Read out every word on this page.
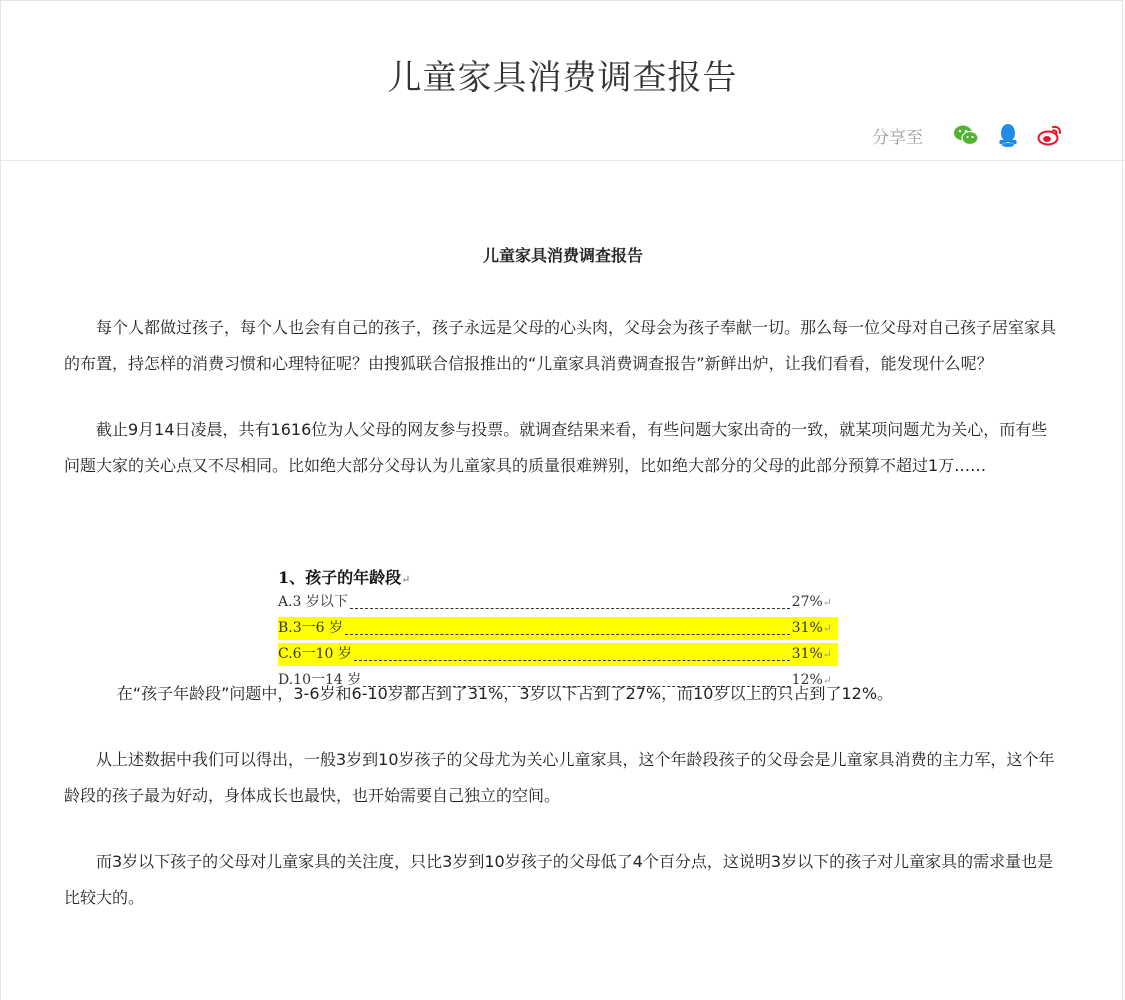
儿童家具消费调查报告
分享至

儿童家具消费调查报告

每个人都做过孩子，每个人也会有自己的孩子，孩子永远是父母的心头肉，父母会为孩子奉献一切。那么每一位父母对自己孩子居室家具的布置，持怎样的消费习惯和心理特征呢？由搜狐联合信报推出的“儿童家具消费调查报告”新鲜出炉，让我们看看，能发现什么呢？

截止9月14日凌晨，共有1616位为人父母的网友参与投票。就调查结果来看，有些问题大家出奇的一致，就某项问题尤为关心，而有些问题大家的关心点又不尽相同。比如绝大部分父母认为儿童家具的质量很难辨别，比如绝大部分的父母的此部分预算不超过1万……

在“孩子年龄段”问题中，3-6岁和6-10岁都占到了31%，3岁以下占到了27%，而10岁以上的只占到了12%。

从上述数据中我们可以得出，一般3岁到10岁孩子的父母尤为关心儿童家具，这个年龄段孩子的父母会是儿童家具消费的主力军，这个年龄段的孩子最为好动，身体成长也最快，也开始需要自己独立的空间。

而3岁以下孩子的父母对儿童家具的关注度，只比3岁到10岁孩子的父母低了4个百分点，这说明3岁以下的孩子对儿童家具的需求量也是比较大的。

1、孩子的年龄段↵
A.3 岁以下	27% ↵
B.3一6 岁	31% ↵
C.6一10 岁	31% ↵
D.10一14 岁	12% ↵
